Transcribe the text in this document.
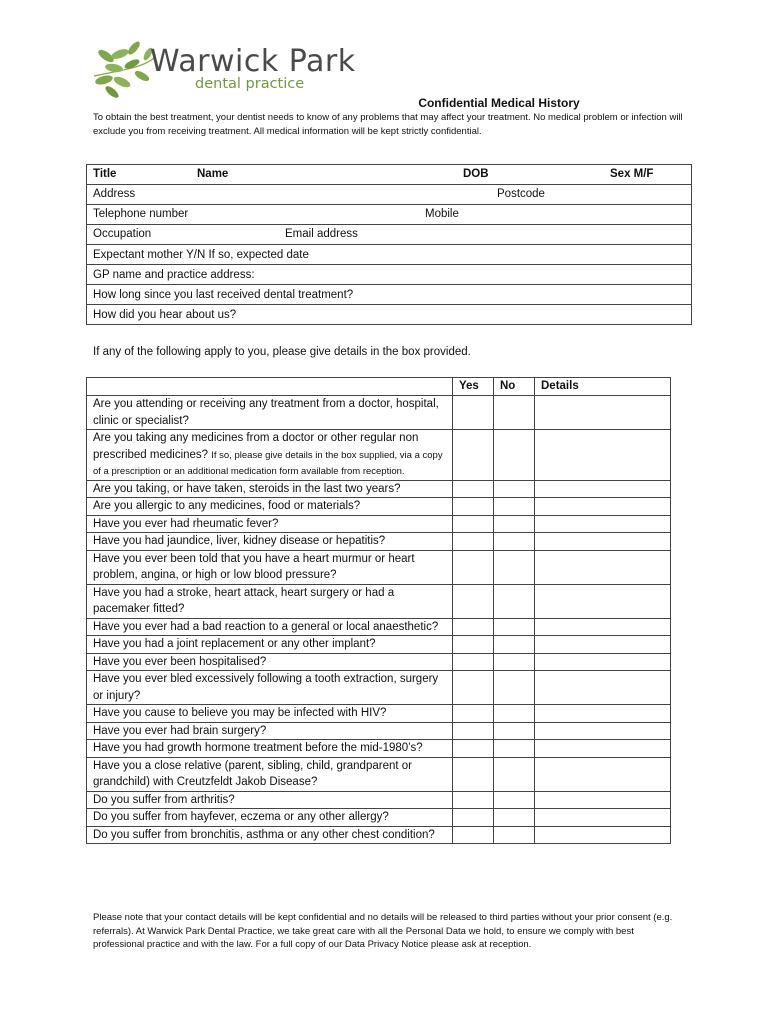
Warwick Park
dental practice
Confidential Medical History
To obtain the best treatment, your dentist needs to know of any problems that may affect your treatment. No medical problem or infection will exclude you from receiving treatment. All medical information will be kept strictly confidential.
Title	Name	DOB	Sex M/F

Address	Postcode

Telephone number	Mobile

Occupation	Email address

Expectant mother Y/N If so, expected date
GP name and practice address:
How long since you last received dental treatment?
How did you hear about us?
If any of the following apply to you, please give details in the box provided.
	Yes	No	Details
Are you attending or receiving any treatment from a doctor, hospital, clinic or specialist?			
Are you taking any medicines from a doctor or other regular non prescribed medicines? If so, please give details in the box supplied, via a copy of a prescription or an additional medication form available from reception.			
Are you taking, or have taken, steroids in the last two years?			
Are you allergic to any medicines, food or materials?			
Have you ever had rheumatic fever?			
Have you had jaundice, liver, kidney disease or hepatitis?			
Have you ever been told that you have a heart murmur or heart problem, angina, or high or low blood pressure?			
Have you had a stroke, heart attack, heart surgery or had a pacemaker fitted?			
Have you ever had a bad reaction to a general or local anaesthetic?			
Have you had a joint replacement or any other implant?			
Have you ever been hospitalised?			
Have you ever bled excessively following a tooth extraction, surgery or injury?			
Have you cause to believe you may be infected with HIV?			
Have you ever had brain surgery?			
Have you had growth hormone treatment before the mid-1980’s?			
Have you a close relative (parent, sibling, child, grandparent or grandchild) with Creutzfeldt Jakob Disease?			
Do you suffer from arthritis?			
Do you suffer from hayfever, eczema or any other allergy?			
Do you suffer from bronchitis, asthma or any other chest condition?			
Please note that your contact details will be kept confidential and no details will be released to third parties without your prior consent (e.g. referrals). At Warwick Park Dental Practice, we take great care with all the Personal Data we hold, to ensure we comply with best professional practice and with the law. For a full copy of our Data Privacy Notice please ask at reception.
